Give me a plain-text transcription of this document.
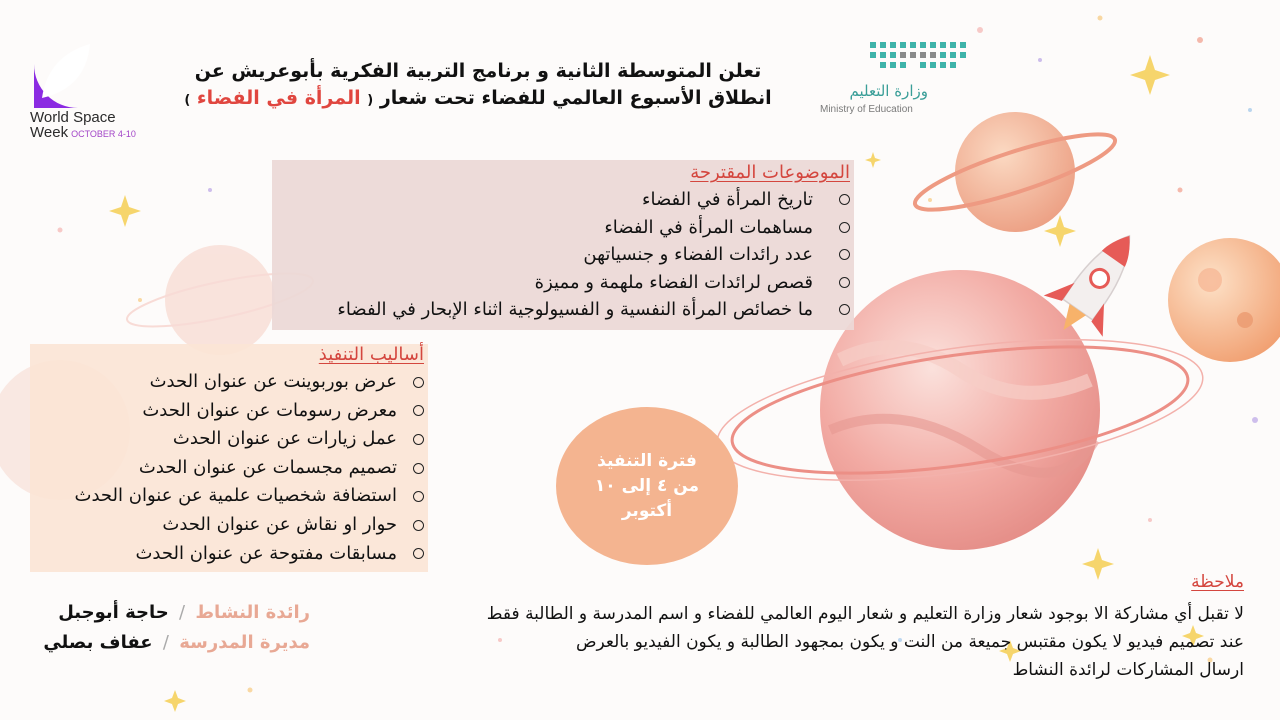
World Space
Week OCTOBER 4-10
وزارة التعليم
Ministry of Education
تعلن المتوسطة الثانية و برنامج التربية الفكرية بأبوعريش عن
انطلاق الأسبوع العالمي للفضاء تحت شعار ( المرأة في الفضاء )
الموضوعات المقترحة
تاريخ المرأة في الفضاء
مساهمات المرأة في الفضاء
عدد رائدات الفضاء و جنسياتهن
قصص لرائدات الفضاء ملهمة و مميزة
ما خصائص المرأة النفسية و الفسيولوجية اثناء الإبحار في الفضاء
أساليب التنفيذ
عرض بوربوينت عن عنوان الحدث
معرض رسومات عن عنوان الحدث
عمل زيارات عن عنوان الحدث
تصميم مجسمات عن عنوان الحدث
استضافة شخصيات علمية عن عنوان الحدث
حوار او نقاش عن عنوان الحدث
مسابقات مفتوحة عن عنوان الحدث
فترة التنفيذ
من ٤ إلى ١٠
أكتوبر
ملاحظة
لا تقبل أي مشاركة الا بوجود شعار وزارة التعليم و شعار اليوم العالمي للفضاء و اسم المدرسة و الطالبة فقط
عند تصميم فيديو لا يكون مقتبس جميعة من النت و يكون بمجهود الطالبة و يكون الفيديو بالعرض
ارسال المشاركات لرائدة النشاط
رائدة النشاط / حاجة أبوجبل
مديرة المدرسة / عفاف بصلي
